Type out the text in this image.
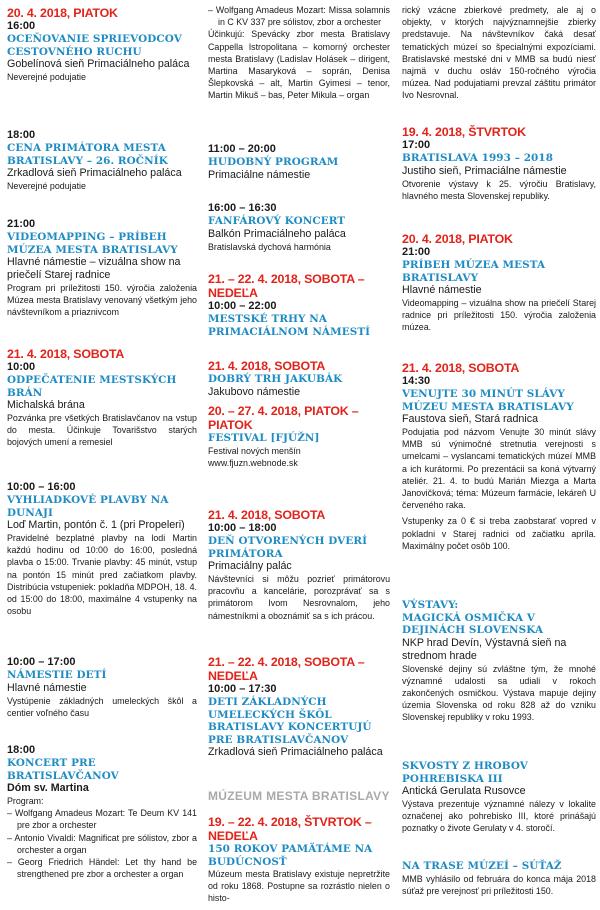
20. 4. 2018, PIATOK
16:00
OCEŇOVANIE SPRIEVODCOV CESTOVNÉHO RUCHU
Gobelínová sieň Primaciálneho paláca
Neverejné podujatie
18:00
CENA PRIMÁTORA MESTA BRATISLAVY – 26. ROČNÍK
Zrkadlová sieň Primaciálneho paláca
Neverejné podujatie
21:00
VIDEOMAPPING – PRÍBEH MÚZEA MESTA BRATISLAVY
Hlavné námestie – vizuálna show na priečelí Starej radnice
Program pri príležitosti 150. výročia založenia Múzea mesta Bratislavy venovaný všetkým jeho návštevníkom a priaznivcom
21. 4. 2018, SOBOTA
10:00
ODPEČATENIE MESTSKÝCH BRÁN
Michalská brána
Pozvánka pre všetkých Bratislavčanov na vstup do mesta. Účinkuje Tovarišstvo starých bojových umení a remesiel
10:00 – 16:00
VYHLIADKOVÉ PLAVBY NA DUNAJI
Loď Martin, pontón č. 1 (pri Propeleri)
Pravidelné bezplatné plavby na lodi Martin každú hodinu od 10:00 do 16:00, posledná plavba o 15:00. Trvanie plavby: 45 minút, vstup na pontón 15 minút pred začiatkom plavby. Distribúcia vstupeniek: pokladňa MDPOH, 18. 4. od 15:00 do 18:00, maximálne 4 vstupenky na osobu
10:00 – 17:00
NÁMESTIE DETÍ
Hlavné námestie
Vystúpenie základných umeleckých škôl a centier voľného času
18:00
KONCERT PRE BRATISLAVČANOV
Dóm sv. Martina
Program:
– Wolfgang Amadeus Mozart: Te Deum KV 141 pre zbor a orchester
– Antonio Vivaldi: Magnificat pre sólistov, zbor a orchester a organ
– Georg Friedrich Händel: Let thy hand be strengthened pre zbor a orchester a organ
– Wolfgang Amadeus Mozart: Missa solamnis in C KV 337 pre sólistov, zbor a orchester
Účinkujú: Spevácky zbor mesta Bratislavy Cappella Istropolitana – komorný orchester mesta Bratislavy (Ladislav Holásek – dirigent, Martina Masaryková – soprán, Denisa Šlepkovská – alt, Martin Gyimesi – tenor, Martin Mikuš – bas, Peter Mikula – organ
11:00 – 20:00
HUDOBNÝ PROGRAM
Primaciálne námestie
16:00 – 16:30
FANFÁROVÝ KONCERT
Balkón Primaciálneho paláca
Bratislavská dychová harmónia
21. – 22. 4. 2018, SOBOTA – NEDEĽA
10:00 – 22:00
MESTSKÉ TRHY NA PRIMACIÁLNOM NÁMESTÍ
21. 4. 2018, SOBOTA
DOBRÝ TRH JAKUBÁK
Jakubovo námestie
20. – 27. 4. 2018, PIATOK – PIATOK
FESTIVAL [FJÚŽN]
Festival nových menšín
www.fjuzn.webnode.sk
21. 4. 2018, SOBOTA
10:00 – 18:00
DEŇ OTVORENÝCH DVERÍ PRIMÁTORA
Primaciálny palác
Návštevníci si môžu pozrieť primátorovu pracovňu a kancelárie, porozprávať sa s primátorom Ivom Nesrovnalom, jeho námestníkmi a oboznámiť sa s ich prácou.
21. – 22. 4. 2018, SOBOTA – NEDEĽA
10:00 – 17:30
DETI ZÁKLADNÝCH UMELECKÝCH ŠKÔL BRATISLAVY KONCERTUJÚ PRE BRATISLAVČANOV
Zrkadlová sieň Primaciálneho paláca
MÚZEUM MESTA BRATISLAVY
19. – 22. 4. 2018, ŠTVRTOK – NEDEĽA
150 ROKOV PAMÄTÁME NA BUDÚCNOSŤ
Múzeum mesta Bratislavy existuje nepretržite od roku 1868. Postupne sa rozrástlo nielen o histo-
rický vzácne zbierkové predmety, ale aj o objekty, v ktorých najvýznamnejšie zbierky predstavuje. Na návštevníkov čaká desať tematických múzeí so špecialnými expozíciami. Bratislavské mestské dni v MMB sa budú niesť najmä v duchu osláv 150-ročného výročia múzea. Nad podujatiami prevzal záštitu primátor Ivo Nesrovnal.
19. 4. 2018, ŠTVRTOK
17:00
BRATISLAVA 1993 – 2018
Justiho sieň, Primaciálne námestie
Otvorenie výstavy k 25. výročiu Bratislavy, hlavného mesta Slovenskej republiky.
20. 4. 2018, PIATOK
21:00
PRÍBEH MÚZEA MESTA BRATISLAVY
Hlavné námestie
Videomapping – vizuálna show na priečelí Starej radnice pri príležitosti 150. výročia založenia múzea.
21. 4. 2018, SOBOTA
14:30
VENUJTE 30 MINÚT SLÁVY MÚZEU MESTA BRATISLAVY
Faustova sieň, Stará radnica
Podujatia pod názvom Venujte 30 minút slávy MMB sú výnimočné stretnutia verejnosti s umelcami – vyslancami tematických múzeí MMB a ich kurátormi. Po prezentácii sa koná výtvarný ateliér. 21. 4. to budú Marián Miezga a Marta Janovičková; téma: Múzeum farmácie, lekáreň U červeného raka.
Vstupenky za 0 € si treba zaobstarať vopred v pokladni v Starej radnici od začiatku apríla. Maximálny počet osôb 100.
VÝSTAVY:
MAGICKÁ OSMIČKA V DEJINÁCH SLOVENSKA
NKP hrad Devín, Výstavná sieň na strednom hrade
Slovenské dejiny sú zvláštne tým, že mnohé významné udalosti sa udiali v rokoch zakončených osmičkou. Výstava mapuje dejiny územia Slovenska od roku 828 až do vzniku Slovenskej republiky v roku 1993.
SKVOSTY Z HROBOV POHREBISKA III
Antická Gerulata Rusovce
Výstava prezentuje významné nálezy v lokalite označenej ako pohrebisko III, ktoré prinášajú poznatky o živote Gerulaty v 4. storočí.
NA TRASE MÚZEÍ – SÚŤAŽ
MMB vyhlásilo od februára do konca mája 2018 súťaž pre verejnosť pri príležitosti 150.
